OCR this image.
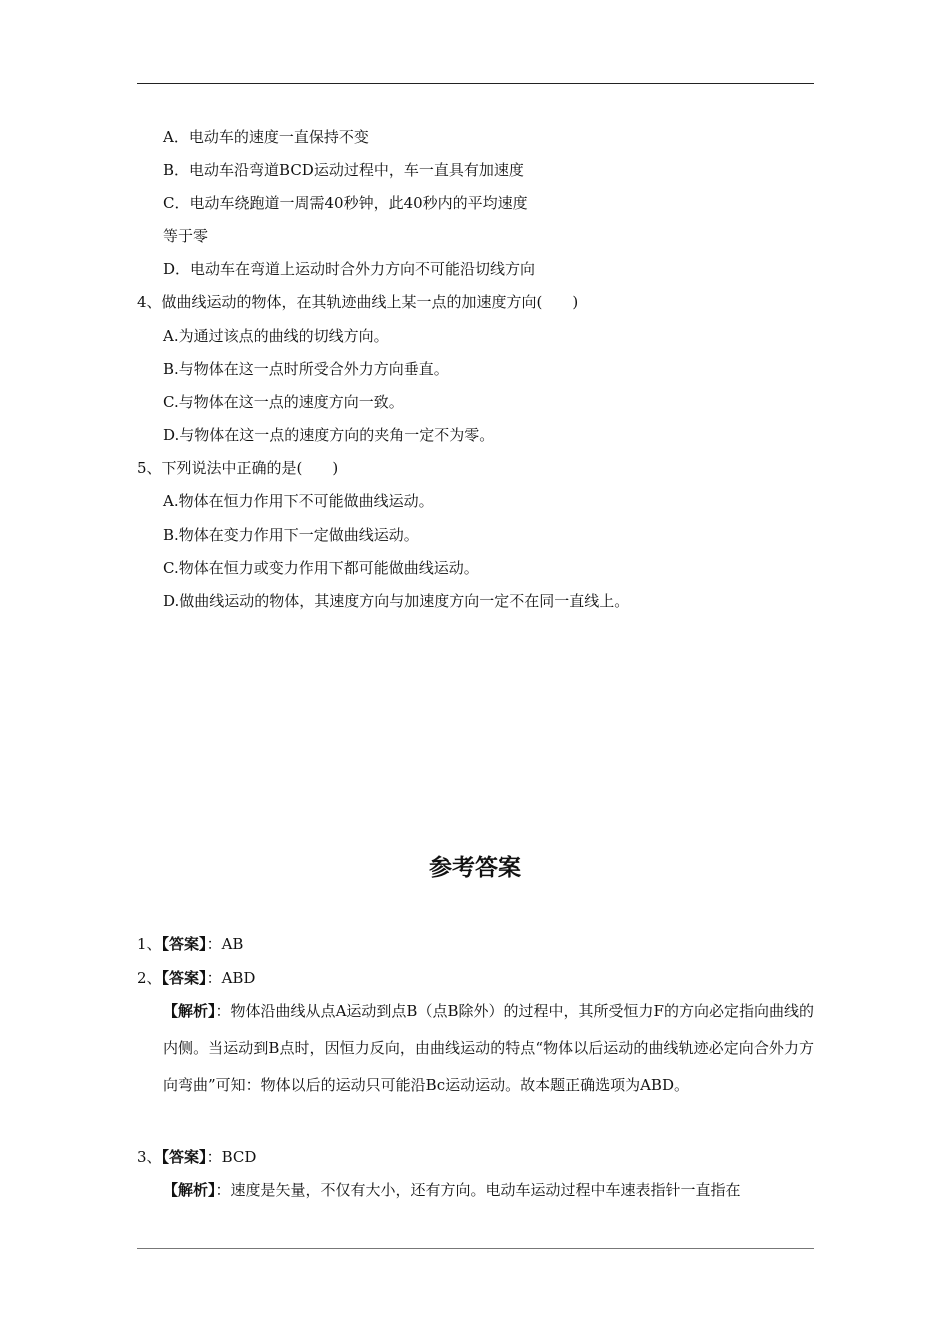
A．电动车的速度一直保持不变
B．电动车沿弯道BCD运动过程中，车一直具有加速度
C．电动车绕跑道一周需40秒钟，此40秒内的平均速度
等于零
D．电动车在弯道上运动时合外力方向不可能沿切线方向
4、做曲线运动的物体，在其轨迹曲线上某一点的加速度方向(　　)
A.为通过该点的曲线的切线方向。
B.与物体在这一点时所受合外力方向垂直。
C.与物体在这一点的速度方向一致。
D.与物体在这一点的速度方向的夹角一定不为零。
5、下列说法中正确的是(　　)
A.物体在恒力作用下不可能做曲线运动。
B.物体在变力作用下一定做曲线运动。
C.物体在恒力或变力作用下都可能做曲线运动。
D.做曲线运动的物体，其速度方向与加速度方向一定不在同一直线上。
参考答案
1、【答案】：AB
2、【答案】：ABD
【解析】：物体沿曲线从点A运动到点B（点B除外）的过程中，其所受恒力F的方向必定指向曲线的内侧。当运动到B点时，因恒力反向，由曲线运动的特点“物体以后运动的曲线轨迹必定向合外力方向弯曲”可知：物体以后的运动只可能沿Bc运动运动。故本题正确选项为ABD。
3、【答案】：BCD
【解析】：速度是矢量，不仅有大小，还有方向。电动车运动过程中车速表指针一直指在
